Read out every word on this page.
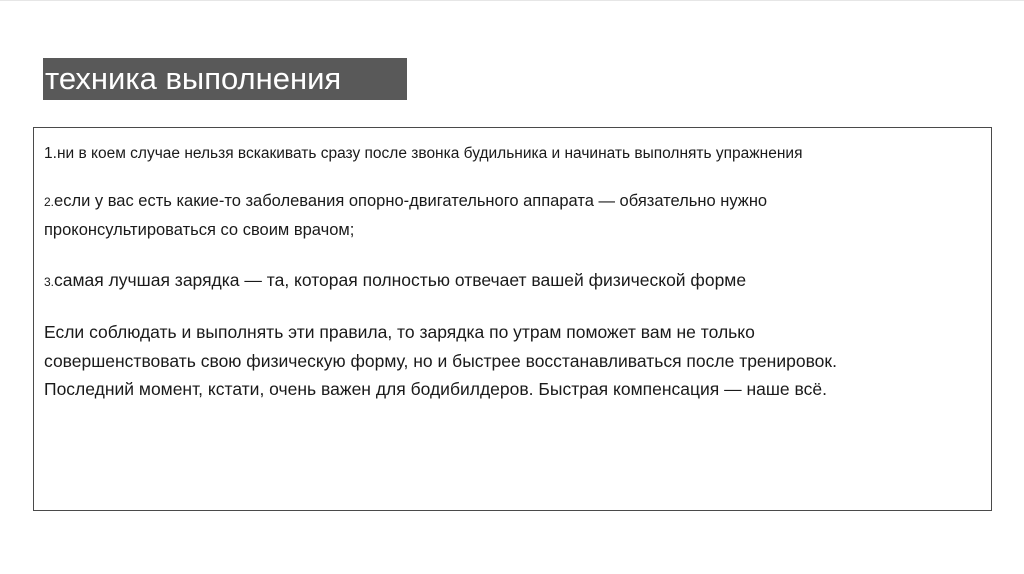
техника выполнения
1.ни в коем случае нельзя вскакивать сразу после звонка будильника и начинать выполнять упражнения
2.если у вас есть какие-то заболевания опорно-двигательного аппарата — обязательно нужно
проконсультироваться со своим врачом;
3.самая лучшая зарядка — та, которая полностью отвечает вашей физической форме
Если соблюдать и выполнять эти правила, то зарядка по утрам поможет вам не только
совершенствовать свою физическую форму, но и быстрее восстанавливаться после тренировок.
Последний момент, кстати, очень важен для бодибилдеров. Быстрая компенсация — наше всё.
